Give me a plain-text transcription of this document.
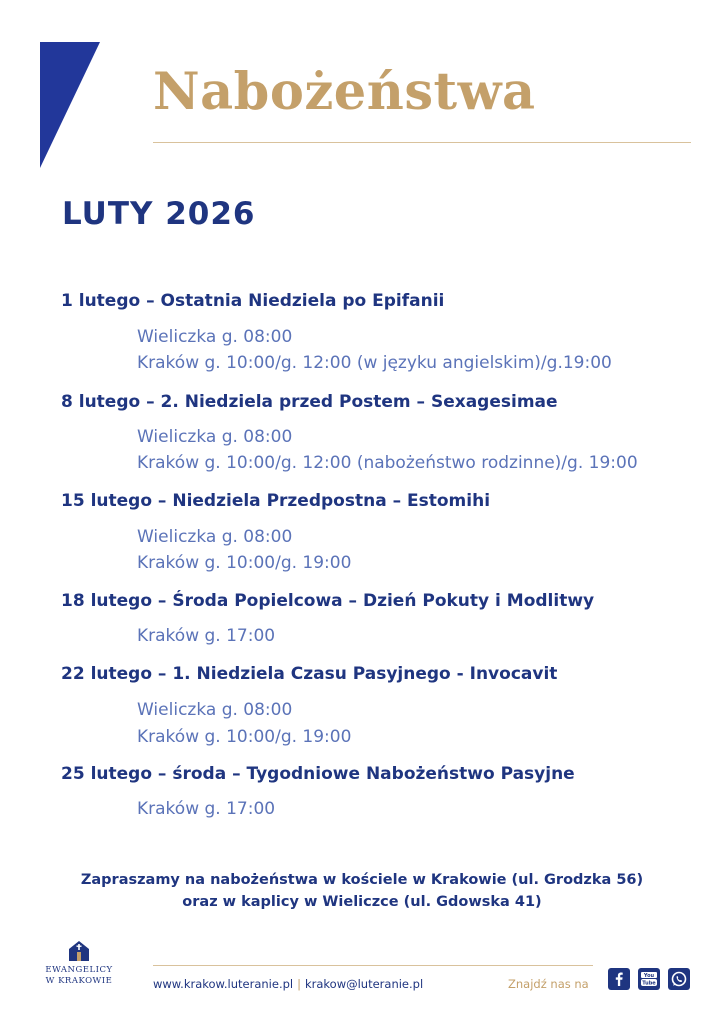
Nabożeństwa
LUTY 2026
1 lutego – Ostatnia Niedziela po Epifanii
Wieliczka g. 08:00
Kraków g. 10:00/g. 12:00 (w języku angielskim)/g.19:00
8 lutego – 2. Niedziela przed Postem – Sexagesimae
Wieliczka g. 08:00
Kraków g. 10:00/g. 12:00 (nabożeństwo rodzinne)/g. 19:00
15 lutego – Niedziela Przedpostna – Estomihi
Wieliczka g. 08:00
Kraków g. 10:00/g. 19:00
18 lutego – Środa Popielcowa – Dzień Pokuty i Modlitwy
Kraków g. 17:00
22 lutego – 1. Niedziela Czasu Pasyjnego - Invocavit
Wieliczka g. 08:00
Kraków g. 10:00/g. 19:00
25 lutego – środa – Tygodniowe Nabożeństwo Pasyjne
Kraków g. 17:00
Zapraszamy na nabożeństwa w kościele w Krakowie (ul. Grodzka 56)
oraz w kaplicy w Wieliczce (ul. Gdowska 41)
EWANGELICY
W KRAKOWIE	www.krakow.luteranie.pl | krakow@luteranie.pl	Znajdź nas na
You
Tube
